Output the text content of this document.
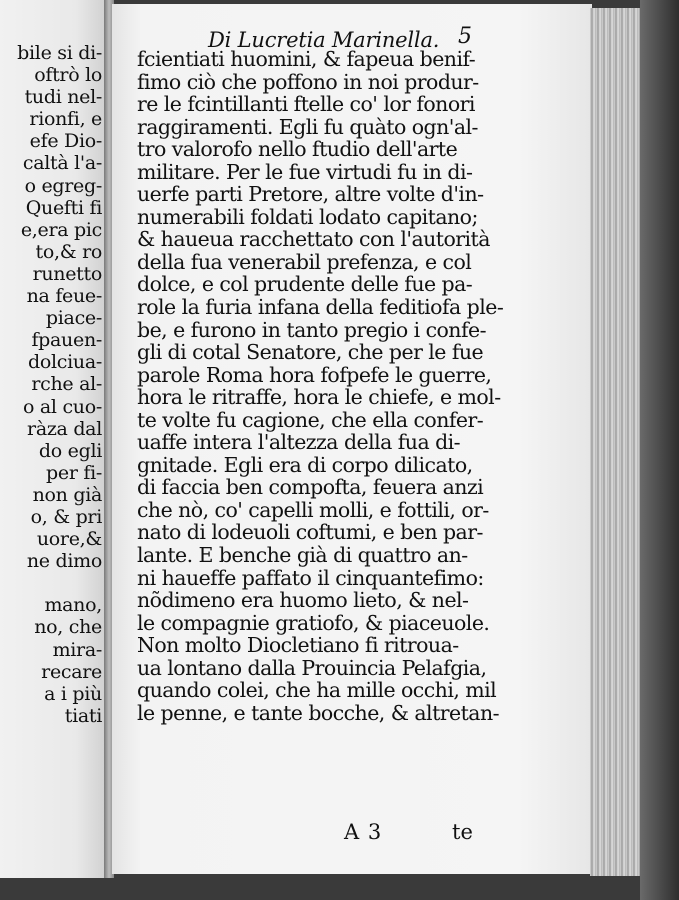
bile si di-
oftrò lo
tudi nel-
rionfi, e
efe Dio-
caltà l'a-
o egreg-
Quefti fi
e,era pic
to,& ro
runetto
na feue-
piace-
fpauen-
dolciua-
rche al-
o al cuo-
ràza dal
do egli
per fi-
non già
o, & pri
uore,&
ne dimo

mano,
no, che
mira-
recare
a i più
tiati
Di Lucretia Marinella. 5
fcientiati huomini, & fapeua benif-
fimo ciò che poffono in noi produr-
re le fcintillanti ftelle co' lor fonori
raggiramenti. Egli fu quàto ogn'al-
tro valorofo nello ftudio dell'arte
militare. Per le fue virtudi fu in di-
uerfe parti Pretore, altre volte d'in-
numerabili foldati lodato capitano;
& haueua racchettato con l'autorità
della fua venerabil prefenza, e col
dolce, e col prudente delle fue pa-
role la furia infana della feditiofa ple-
be, e furono in tanto pregio i confe-
gli di cotal Senatore, che per le fue
parole Roma hora fofpefe le guerre,
hora le ritraffe, hora le chiefe, e mol-
te volte fu cagione, che ella confer-
uaffe intera l'altezza della fua di-
gnitade. Egli era di corpo dilicato,
di faccia ben compofta, feuera anzi
che nò, co' capelli molli, e fottili, or-
nato di lodeuoli coftumi, e ben par-
lante. E benche già di quattro an-
ni haueffe paffato il cinquantefimo:
nõdimeno era huomo lieto, & nel-
le compagnie gratiofo, & piaceuole.
Non molto Diocletiano fi ritroua-
ua lontano dalla Prouincia Pelafgia,
quando colei, che ha mille occhi, mil
le penne, e tante bocche, & altretan-
A 3	te
